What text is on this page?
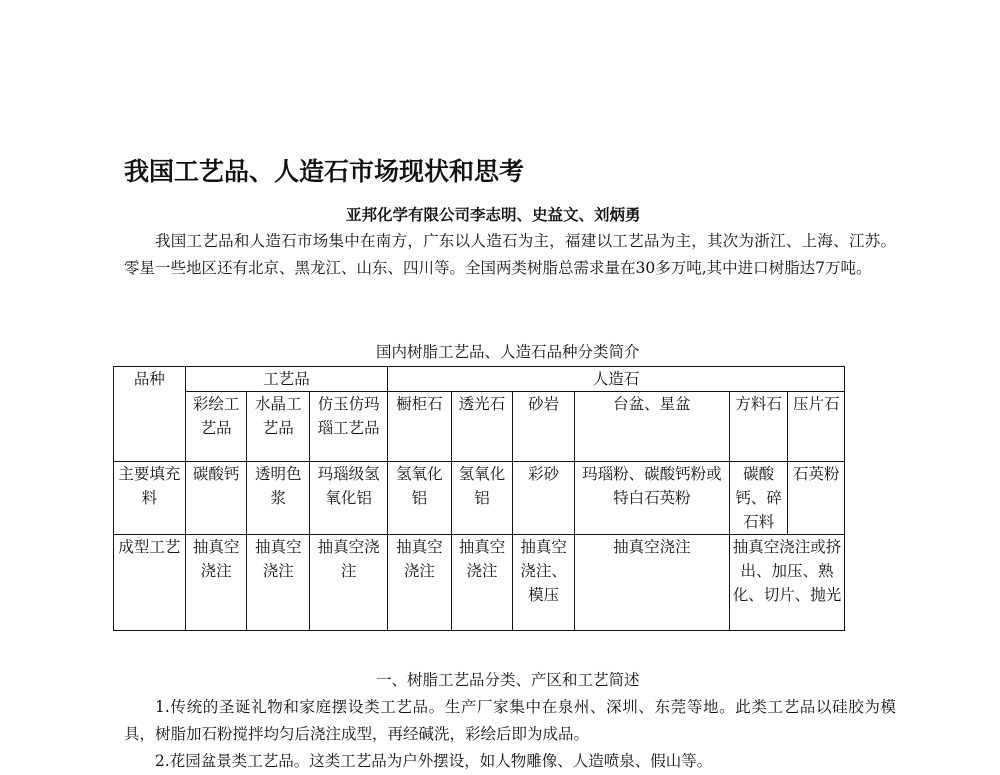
我国工艺品、人造石市场现状和思考
亚邦化学有限公司李志明、史益文、刘炳勇

我国工艺品和人造石市场集中在南方，广东以人造石为主，福建以工艺品为主，其次为浙江、上海、江苏。零星一些地区还有北京、黑龙江、山东、四川等。全国两类树脂总需求量在30多万吨,其中进口树脂达7万吨。

国内树脂工艺品、人造石品种分类简介
品种	工艺品			人造石					
	彩绘工艺品	水晶工艺品	仿玉仿玛瑙工艺品	橱柜石	透光石	砂岩	台盆、星盆	方料石	压片石
主要填充料	碳酸钙	透明色浆	玛瑙级氢氧化铝	氢氧化铝	氢氧化铝	彩砂	玛瑙粉、碳酸钙粉或特白石英粉	碳酸钙、碎石料	石英粉
成型工艺	抽真空浇注	抽真空浇注	抽真空浇注	抽真空浇注	抽真空浇注	抽真空浇注、模压	抽真空浇注	抽真空浇注或挤出、加压、熟化、切片、抛光	
一、树脂工艺品分类、产区和工艺简述

1.传统的圣诞礼物和家庭摆设类工艺品。生产厂家集中在泉州、深圳、东莞等地。此类工艺品以硅胶为模具，树脂加石粉搅拌均匀后浇注成型，再经碱洗，彩绘后即为成品。

2.花园盆景类工艺品。这类工艺品为户外摆设，如人物雕像、人造喷泉、假山等。
